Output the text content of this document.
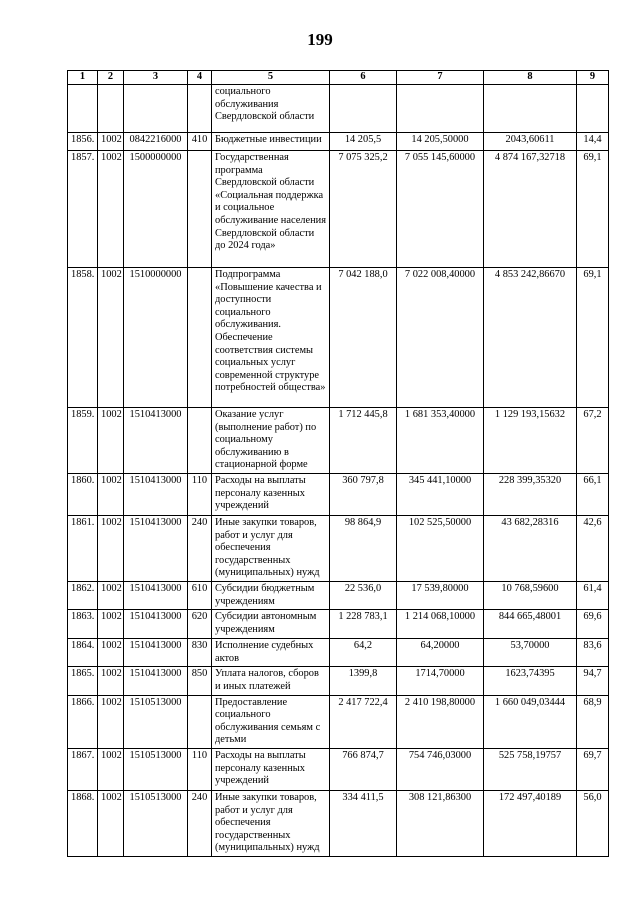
199
1	2	3	4	5	6	7	8	9
				социального обслуживания Свердловской области				
1856.	1002	0842216000	410	Бюджетные инвестиции	14 205,5	14 205,50000	2043,60611	14,4
1857.	1002	1500000000		Государственная программа Свердловской области «Социальная поддержка и социальное обслуживание населения Свердловской области до 2024 года»	7 075 325,2	7 055 145,60000	4 874 167,32718	69,1
1858.	1002	1510000000		Подпрограмма «Повышение качества и доступности социального обслуживания. Обеспечение соответствия системы социальных услуг современной структуре потребностей общества»	7 042 188,0	7 022 008,40000	4 853 242,86670	69,1
1859.	1002	1510413000		Оказание услуг (выполнение работ) по социальному обслуживанию в стационарной форме	1 712 445,8	1 681 353,40000	1 129 193,15632	67,2
1860.	1002	1510413000	110	Расходы на выплаты персоналу казенных учреждений	360 797,8	345 441,10000	228 399,35320	66,1
1861.	1002	1510413000	240	Иные закупки товаров, работ и услуг для обеспечения государственных (муниципальных) нужд	98 864,9	102 525,50000	43 682,28316	42,6
1862.	1002	1510413000	610	Субсидии бюджетным учреждениям	22 536,0	17 539,80000	10 768,59600	61,4
1863.	1002	1510413000	620	Субсидии автономным учреждениям	1 228 783,1	1 214 068,10000	844 665,48001	69,6
1864.	1002	1510413000	830	Исполнение судебных актов	64,2	64,20000	53,70000	83,6
1865.	1002	1510413000	850	Уплата налогов, сборов и иных платежей	1399,8	1714,70000	1623,74395	94,7
1866.	1002	1510513000		Предоставление социального обслуживания семьям с детьми	2 417 722,4	2 410 198,80000	1 660 049,03444	68,9
1867.	1002	1510513000	110	Расходы на выплаты персоналу казенных учреждений	766 874,7	754 746,03000	525 758,19757	69,7
1868.	1002	1510513000	240	Иные закупки товаров, работ и услуг для обеспечения государственных (муниципальных) нужд	334 411,5	308 121,86300	172 497,40189	56,0
